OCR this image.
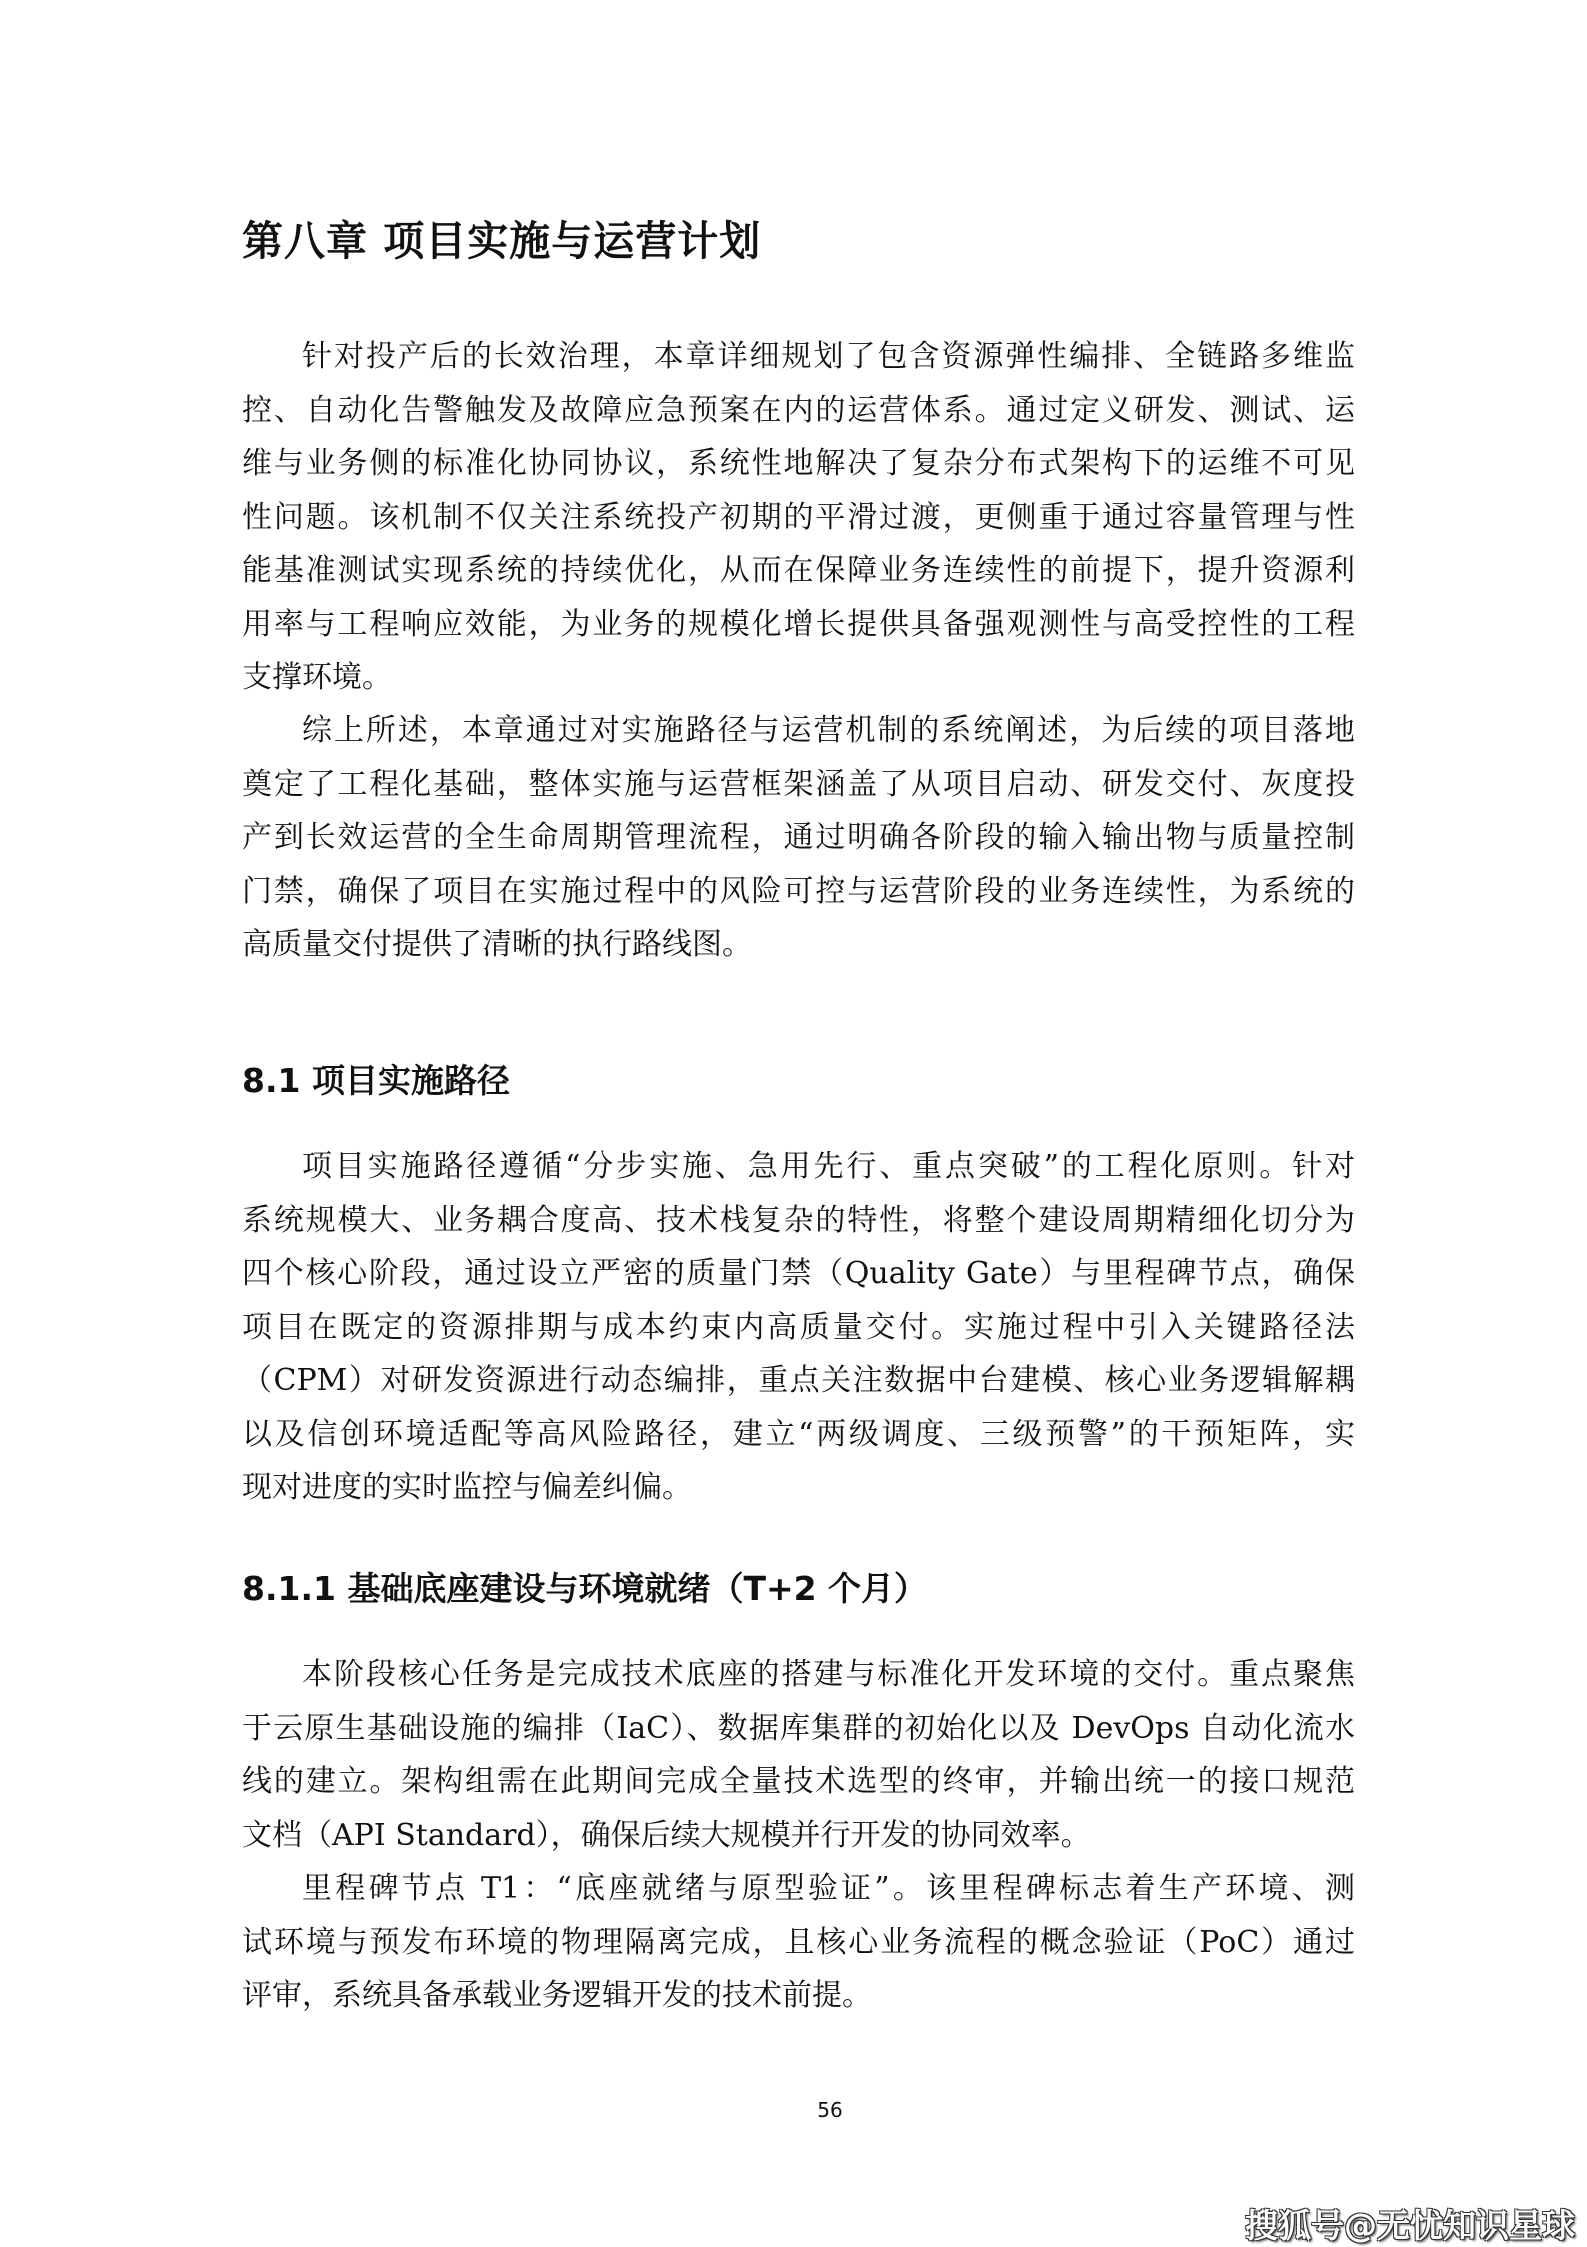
第八章 项目实施与运营计划
针对投产后的长效治理，本章详细规划了包含资源弹性编排、全链路多维监
控、自动化告警触发及故障应急预案在内的运营体系。通过定义研发、测试、运
维与业务侧的标准化协同协议，系统性地解决了复杂分布式架构下的运维不可见
性问题。该机制不仅关注系统投产初期的平滑过渡，更侧重于通过容量管理与性
能基准测试实现系统的持续优化，从而在保障业务连续性的前提下，提升资源利
用率与工程响应效能，为业务的规模化增长提供具备强观测性与高受控性的工程
支撑环境。
综上所述，本章通过对实施路径与运营机制的系统阐述，为后续的项目落地
奠定了工程化基础，整体实施与运营框架涵盖了从项目启动、研发交付、灰度投
产到长效运营的全生命周期管理流程，通过明确各阶段的输入输出物与质量控制
门禁，确保了项目在实施过程中的风险可控与运营阶段的业务连续性，为系统的
高质量交付提供了清晰的执行路线图。
8.1 项目实施路径
项目实施路径遵循“分步实施、急用先行、重点突破”的工程化原则。针对
系统规模大、业务耦合度高、技术栈复杂的特性，将整个建设周期精细化切分为
四个核心阶段，通过设立严密的质量门禁（Quality Gate）与里程碑节点，确保
项目在既定的资源排期与成本约束内高质量交付。实施过程中引入关键路径法
（CPM）对研发资源进行动态编排，重点关注数据中台建模、核心业务逻辑解耦
以及信创环境适配等高风险路径，建立“两级调度、三级预警”的干预矩阵，实
现对进度的实时监控与偏差纠偏。
8.1.1 基础底座建设与环境就绪（T+2 个月）
本阶段核心任务是完成技术底座的搭建与标准化开发环境的交付。重点聚焦
于云原生基础设施的编排（IaC）、数据库集群的初始化以及 DevOps 自动化流水
线的建立。架构组需在此期间完成全量技术选型的终审，并输出统一的接口规范
文档（API Standard），确保后续大规模并行开发的协同效率。
里程碑节点 T1：“底座就绪与原型验证”。该里程碑标志着生产环境、测
试环境与预发布环境的物理隔离完成，且核心业务流程的概念验证（PoC）通过
评审，系统具备承载业务逻辑开发的技术前提。
56
搜狐号@无忧知识星球
